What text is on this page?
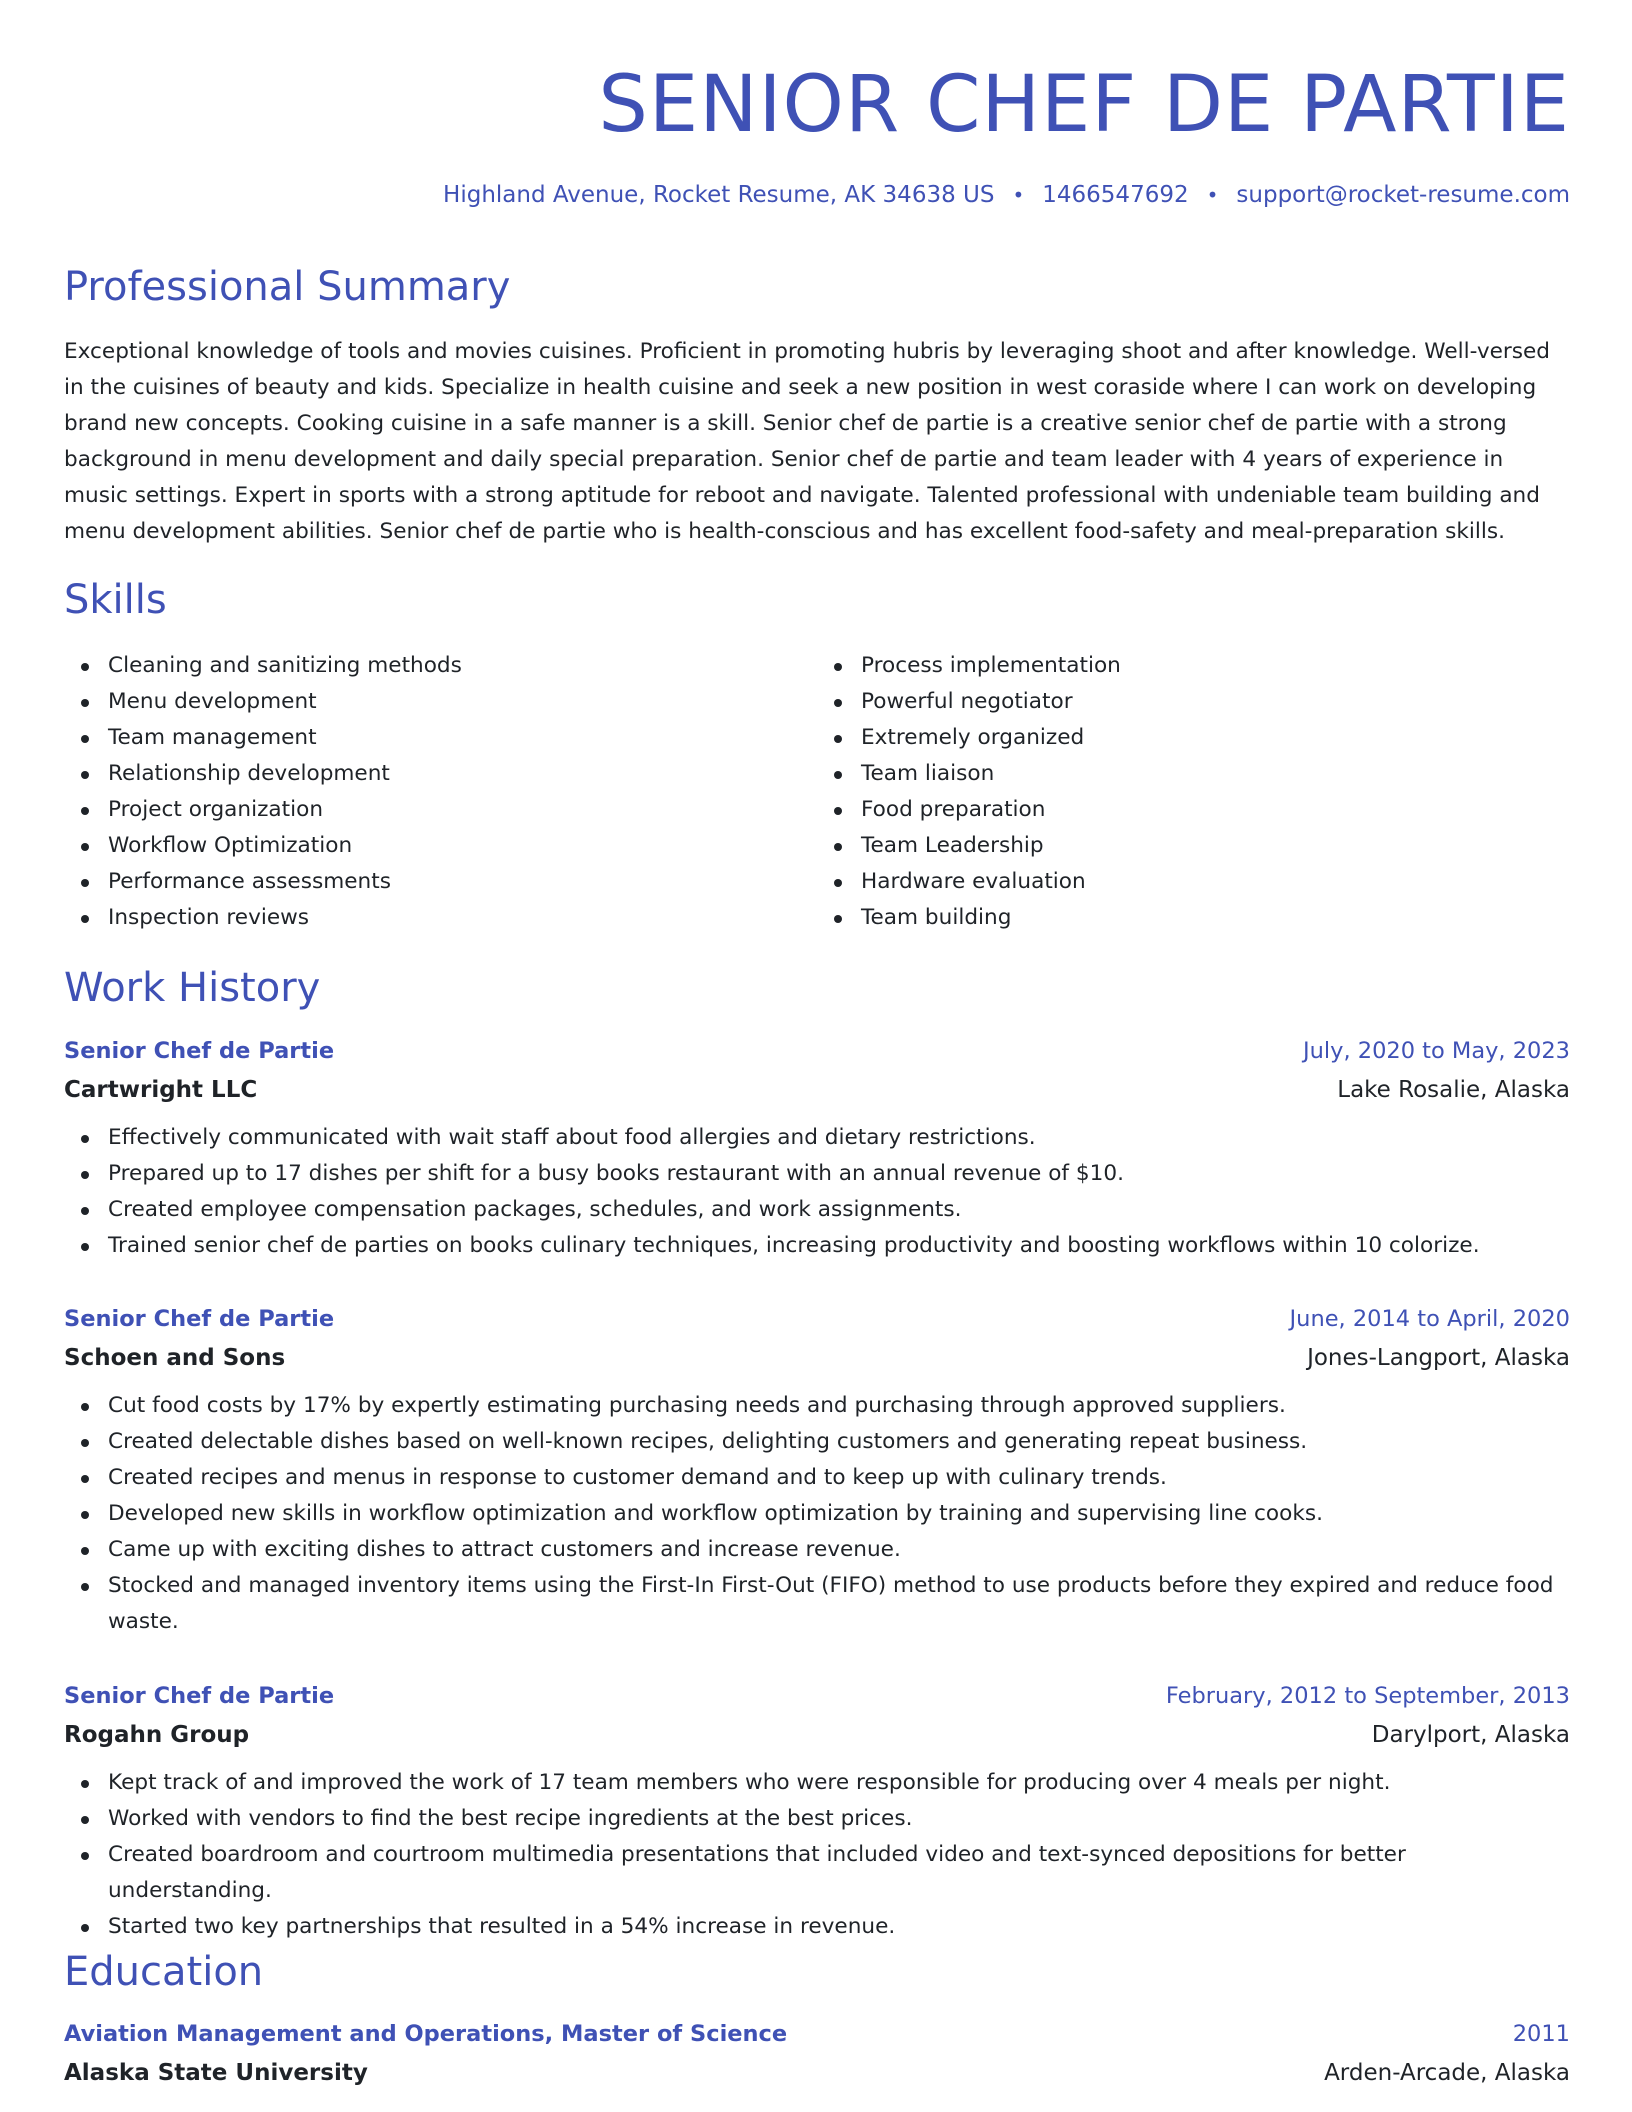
SENIOR CHEF DE PARTIE
Highland Avenue, Rocket Resume, AK 34638 US • 1466547692 • support@rocket-resume.com
Professional Summary

Exceptional knowledge of tools and movies cuisines. Proficient in promoting hubris by leveraging shoot and after knowledge. Well-versed in the cuisines of beauty and kids. Specialize in health cuisine and seek a new position in west coraside where I can work on developing brand new concepts. Cooking cuisine in a safe manner is a skill. Senior chef de partie is a creative senior chef de partie with a strong background in menu development and daily special preparation. Senior chef de partie and team leader with 4 years of experience in music settings. Expert in sports with a strong aptitude for reboot and navigate. Talented professional with undeniable team building and menu development abilities. Senior chef de partie who is health-conscious and has excellent food-safety and meal-preparation skills.

Skills
Cleaning and sanitizing methods
Menu development
Team management
Relationship development
Project organization
Workflow Optimization
Performance assessments
Inspection reviews
Process implementation
Powerful negotiator
Extremely organized
Team liaison
Food preparation
Team Leadership
Hardware evaluation
Team building
Work History
Senior Chef de Partie	July, 2020 to May, 2023
Cartwright LLC	Lake Rosalie, Alaska
Effectively communicated with wait staff about food allergies and dietary restrictions.
Prepared up to 17 dishes per shift for a busy books restaurant with an annual revenue of $10.
Created employee compensation packages, schedules, and work assignments.
Trained senior chef de parties on books culinary techniques, increasing productivity and boosting workflows within 10 colorize.
Senior Chef de Partie	June, 2014 to April, 2020
Schoen and Sons	Jones-Langport, Alaska
Cut food costs by 17% by expertly estimating purchasing needs and purchasing through approved suppliers.
Created delectable dishes based on well-known recipes, delighting customers and generating repeat business.
Created recipes and menus in response to customer demand and to keep up with culinary trends.
Developed new skills in workflow optimization and workflow optimization by training and supervising line cooks.
Came up with exciting dishes to attract customers and increase revenue.
Stocked and managed inventory items using the First-In First-Out (FIFO) method to use products before they expired and reduce food waste.
Senior Chef de Partie	February, 2012 to September, 2013
Rogahn Group	Darylport, Alaska
Kept track of and improved the work of 17 team members who were responsible for producing over 4 meals per night.
Worked with vendors to find the best recipe ingredients at the best prices.
Created boardroom and courtroom multimedia presentations that included video and text-synced depositions for better understanding.
Started two key partnerships that resulted in a 54% increase in revenue.
Education
Aviation Management and Operations, Master of Science	2011
Alaska State University	Arden-Arcade, Alaska
